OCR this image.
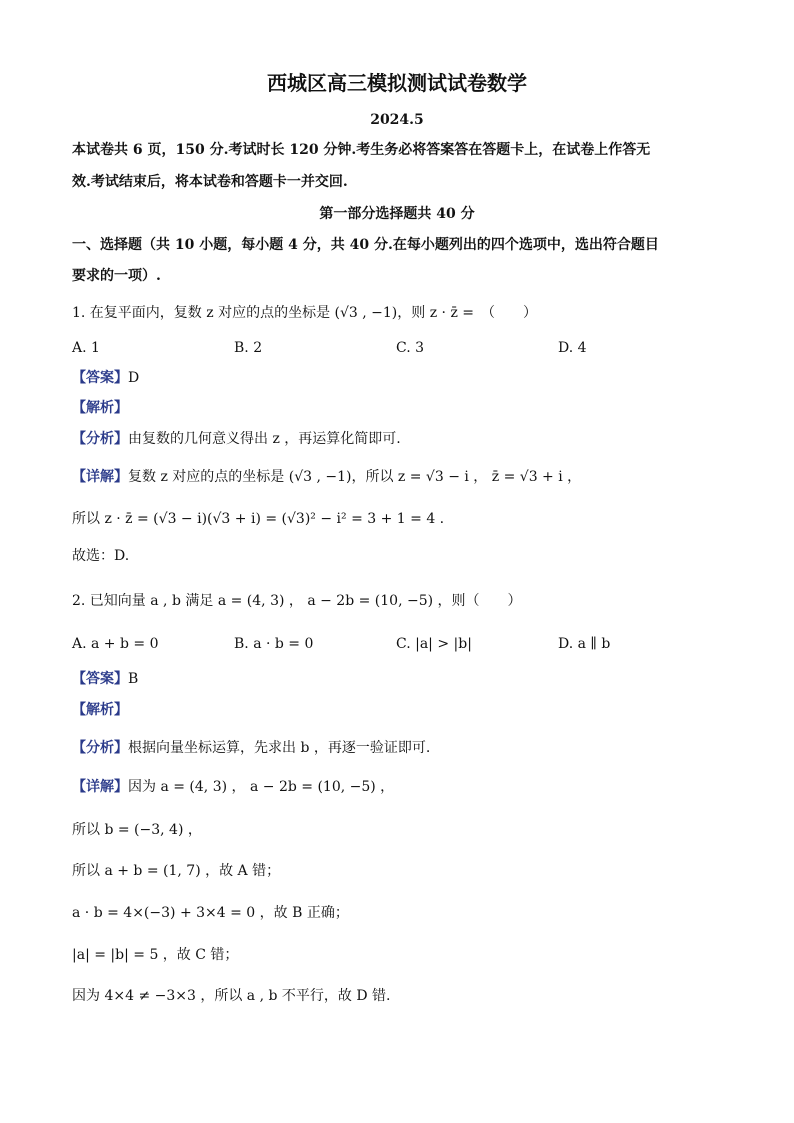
西城区高三模拟测试试卷数学
2024.5
本试卷共 6 页，150 分.考试时长 120 分钟.考生务必将答案答在答题卡上，在试卷上作答无
效.考试结束后，将本试卷和答题卡一并交回.
第一部分选择题共 40 分
一、选择题（共 10 小题，每小题 4 分，共 40 分.在每小题列出的四个选项中，选出符合题目
要求的一项）.
1. 在复平面内，复数 z 对应的点的坐标是 (√3 , −1)，则 z · z̄ =　（　　）
A. 1	B. 2	C. 3	D. 4
【答案】D
【解析】
【分析】由复数的几何意义得出 z ，再运算化简即可.
【详解】复数 z 对应的点的坐标是 (√3 , −1)，所以 z = √3 − i ， z̄ = √3 + i ，
所以 z · z̄ = (√3 − i)(√3 + i) = (√3)² − i² = 3 + 1 = 4 .
故选：D.
2. 已知向量 a , b 满足 a = (4, 3) ， a − 2b = (10, −5) ，则（　　）
A. a + b = 0	B. a · b = 0	C. |a| > |b|	D. a ∥ b
【答案】B
【解析】
【分析】根据向量坐标运算，先求出 b ，再逐一验证即可.
【详解】因为 a = (4, 3) ， a − 2b = (10, −5) ，
所以 b = (−3, 4) ，
所以 a + b = (1, 7) ，故 A 错；
a · b = 4×(−3) + 3×4 = 0 ，故 B 正确；
|a| = |b| = 5 ，故 C 错；
因为 4×4 ≠ −3×3 ，所以 a , b 不平行，故 D 错.
